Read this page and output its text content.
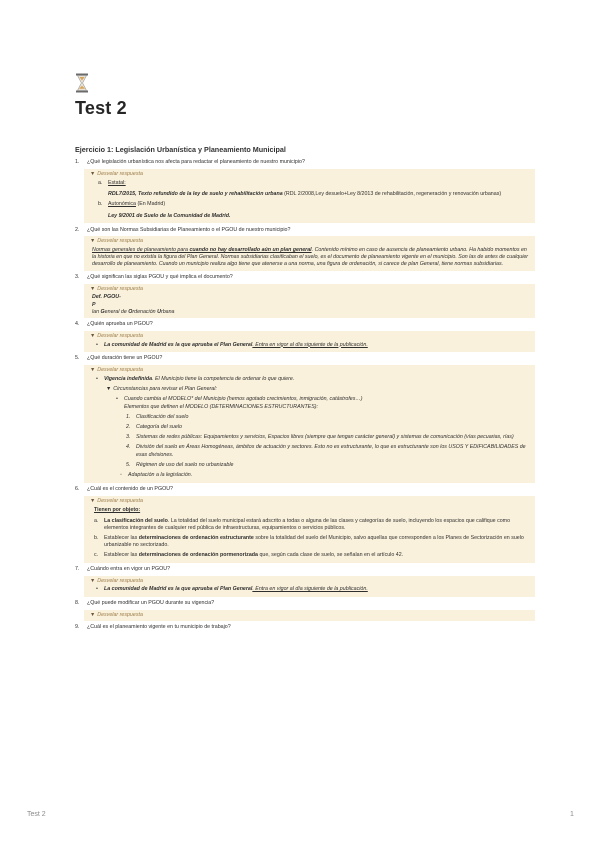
Test 2
Ejercicio 1: Legislación Urbanística y Planeamiento Municipal
1.	¿Qué legislación urbanística nos afecta para redactar el planeamiento de nuestro municipio?
▼ Desvelar respuesta
a.	Estatal:
RDL7/2015, Texto refundido de la ley de suelo y rehabilitación urbana (RDL 2/2008,Ley desuelo+Ley 8/2013 de rehabilitación, regeneración y renovación urbanas)
b.	Autonómica (En Madrid)
Ley 9/2001 de Suelo de la Comunidad de Madrid.
2.	¿Qué son las Normas Subsidiarias de Planeamiento o el PGOU de nuestro municipio?
▼ Desvelar respuesta
Normas generales de planeamiento para cuando no hay desarrollado aún un plan general. Contenido mínimo en caso de ausencia de planeamiento urbano. Ha habido momentos en la historia en que no existía la figura del Plan General. Normas subsidiarias clasificaban el suelo, es el documento de planeamiento vigente en el municipio. Son las de antes de cualquier desarrollo de planeamiento. Cuando un municipio realiza algo tiene que atenerse a una norma, una figura de ordenación, si carece de plan General, tiene normas subsidiarias.
3.	¿Qué significan las siglas PGOU y qué implica el documento?
▼ Desvelar respuesta
Def. PGOU-
P
lan General de Ordenación Urbana
4.	¿Quién aprueba un PGOU?
▼ Desvelar respuesta
•	La comunidad de Madrid es la que aprueba el Plan General. Entra en vigor al día siguiente de la publicación.
5.	¿Qué duración tiene un PGOU?
▼ Desvelar respuesta
•	Vigencia indefinida. El Municipio tiene la competencia de ordenar lo que quiere.
▼ Circunstancias para revisar el Plan General:
•	Cuando cambia el MODELO* del Municipio (hemos agotado crecimientos, inmigración, catástrofes…)
Elementos que definen el MODELO (DETERMINACIONES ESTRUCTURANTES):
1.	Clasificación del suelo
2.	Categoría del suelo
3.	Sistemas de redes públicas: Equipamientos y servicios, Espacios libres (siempre que tengan carácter general) y sistemas de comunicación (vías pecuarias, rías)
4.	División del suelo en Áreas Homogéneas, ámbitos de actuación y sectores. Esto no es estructurante, lo que es estructurante son los USOS Y EDIFICABILIDADES de esas divisiones.
5.	Régimen de uso del suelo no urbanizable
◦	Adaptación a la legislación.
6.	¿Cuál es el contenido de un PGOU?
▼ Desvelar respuesta
Tienen por objeto:
a.	La clasificación del suelo. La totalidad del suelo municipal estará adscrito a todas o alguna de las clases y categorías de suelo, incluyendo los espacios que califique como elementos integrantes de cualquier red pública de infraestructuras, equipamientos o servicios públicos.
b.	Establecer las determinaciones de ordenación estructurante sobre la totalidad del suelo del Municipio, salvo aquellas que corresponden a los Planes de Sectorización en suelo urbanizable no sectorizado.
c.	Establecer las determinaciones de ordenación pormenorizada que, según cada clase de suelo, se señalan en el artículo 42.
7.	¿Cuándo entra en vigor un PGOU?
▼ Desvelar respuesta
•	La comunidad de Madrid es la que aprueba el Plan General. Entra en vigor al día siguiente de la publicación.
8.	¿Qué puede modificar un PGOU durante su vigencia?
▼ Desvelar respuesta
9.	¿Cuál es el planeamiento vigente en tu municipio de trabajo?
Test 2	1
